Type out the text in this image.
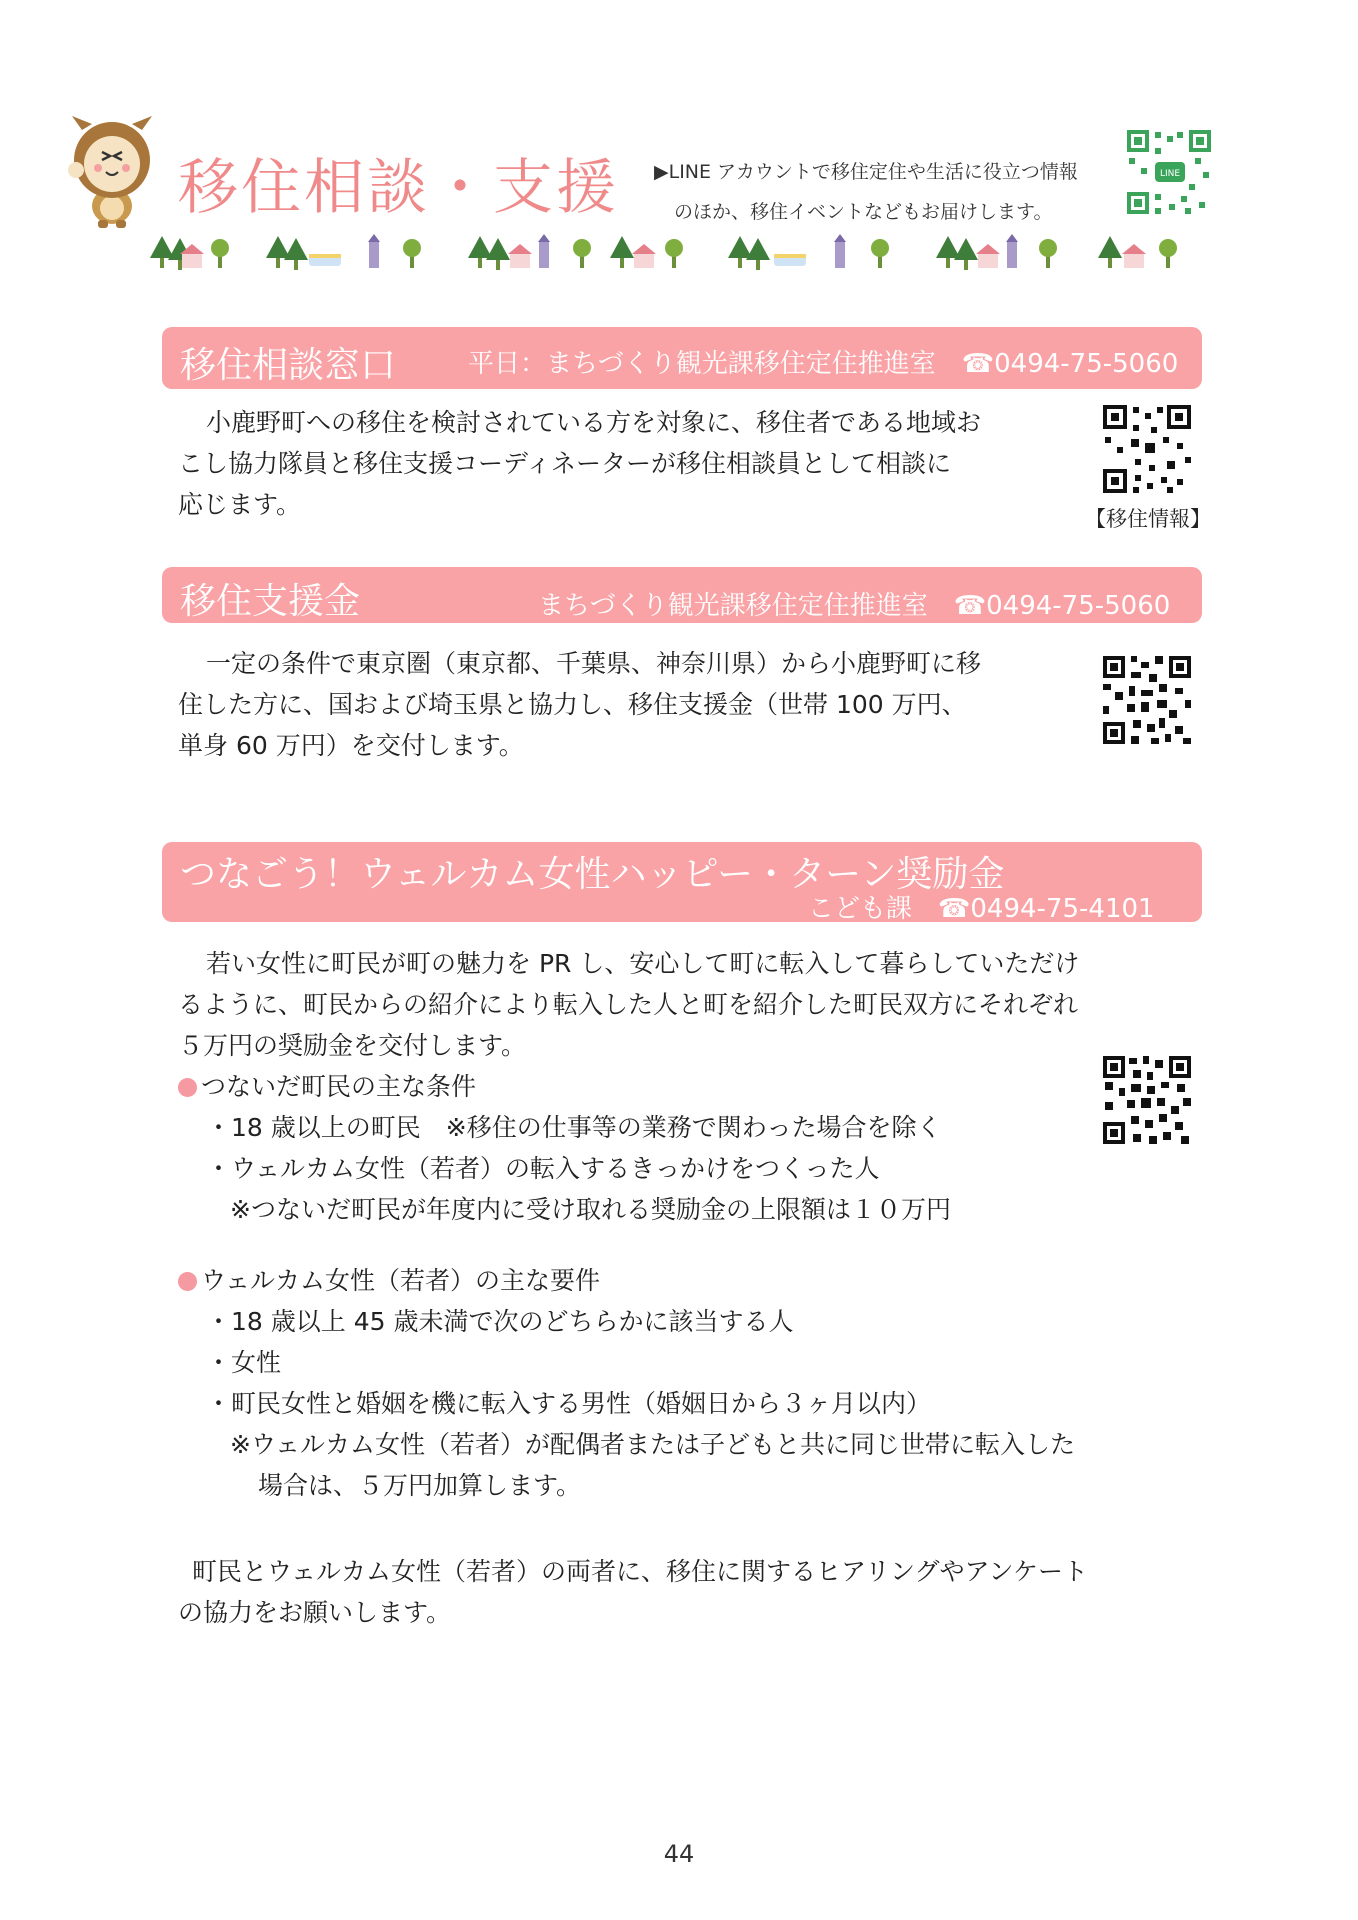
移住相談・支援 ▶LINE アカウントで移住定住や生活に役立つ情報
のほか、移住イベントなどもお届けします。
LINE
移住相談窓口	平日：まちづくり観光課移住定住推進室　☎0494-75-5060
小鹿野町への移住を検討されている方を対象に、移住者である地域お
こし協力隊員と移住支援コーディネーターが移住相談員として相談に
応じます。	【移住情報】
移住支援金	まちづくり観光課移住定住推進室　☎0494-75-5060
一定の条件で東京圏（東京都、千葉県、神奈川県）から小鹿野町に移
住した方に、国および埼玉県と協力し、移住支援金（世帯 100 万円、
単身 60 万円）を交付します。
つなごう！ウェルカム女性ハッピー・ターン奨励金
こども課　☎0494-75-4101
若い女性に町民が町の魅力を PR し、安心して町に転入して暮らしていただけ
るように、町民からの紹介により転入した人と町を紹介した町民双方にそれぞれ
５万円の奨励金を交付します。
つないだ町民の主な条件
・18 歳以上の町民　※移住の仕事等の業務で関わった場合を除く
・ウェルカム女性（若者）の転入するきっかけをつくった人
※つないだ町民が年度内に受け取れる奨励金の上限額は１０万円
ウェルカム女性（若者）の主な要件
・18 歳以上 45 歳未満で次のどちらかに該当する人
・女性
・町民女性と婚姻を機に転入する男性（婚姻日から３ヶ月以内）
※ウェルカム女性（若者）が配偶者または子どもと共に同じ世帯に転入した
場合は、５万円加算します。
町民とウェルカム女性（若者）の両者に、移住に関するヒアリングやアンケート
の協力をお願いします。
44
